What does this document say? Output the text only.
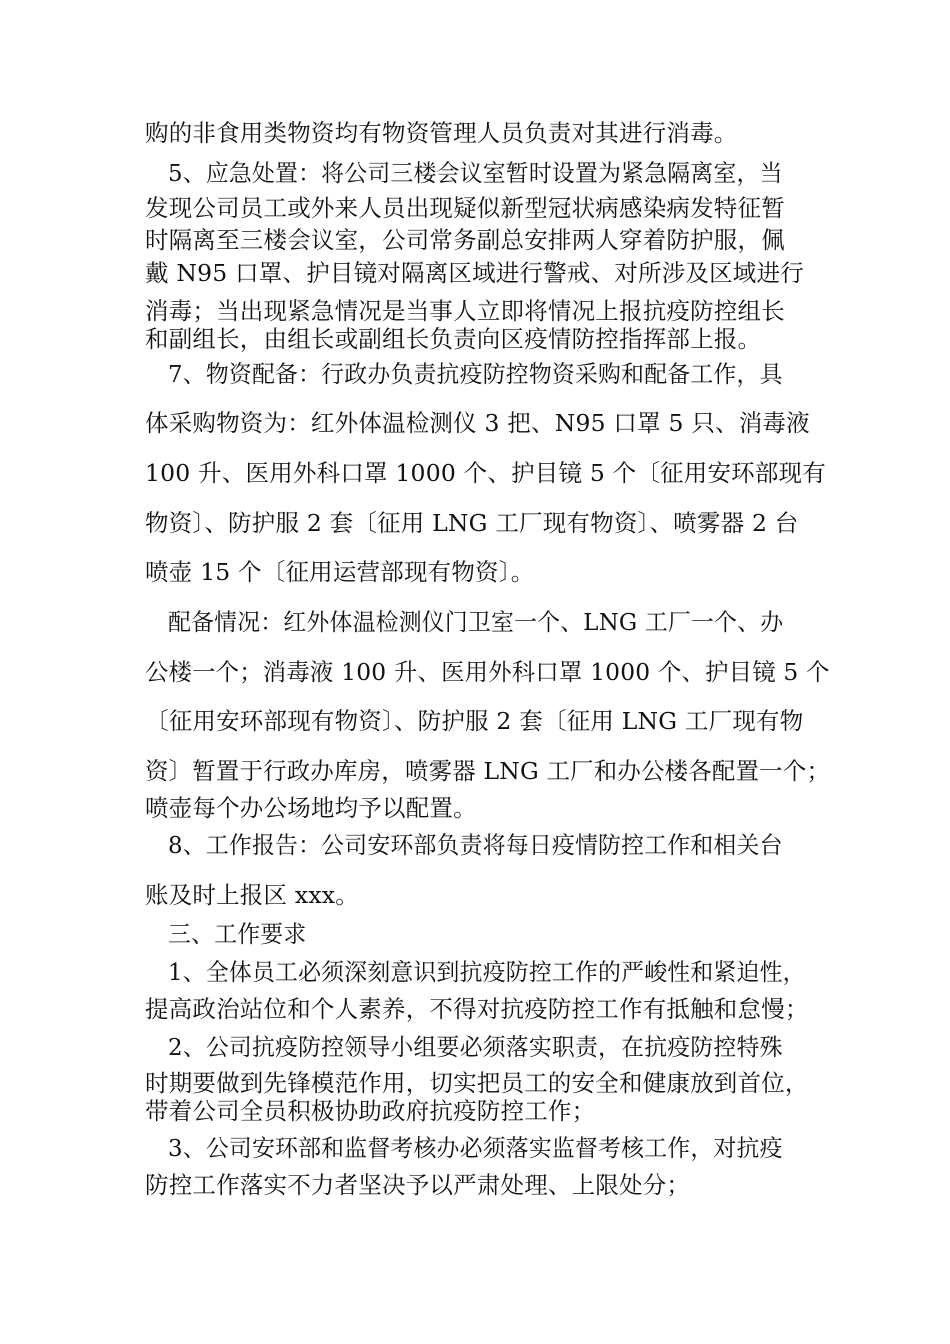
购的非食用类物资均有物资管理人员负责对其进行消毒。
5、应急处置：将公司三楼会议室暂时设置为紧急隔离室，当
发现公司员工或外来人员出现疑似新型冠状病感染病发特征暂
时隔离至三楼会议室，公司常务副总安排两人穿着防护服，佩
戴 N95 口罩、护目镜对隔离区域进行警戒、对所涉及区域进行
消毒；当出现紧急情况是当事人立即将情况上报抗疫防控组长
和副组长，由组长或副组长负责向区疫情防控指挥部上报。
7、物资配备：行政办负责抗疫防控物资采购和配备工作，具
体采购物资为：红外体温检测仪 3 把、N95 口罩 5 只、消毒液
100 升、医用外科口罩 1000 个、护目镜 5 个〔征用安环部现有
物资〕、防护服 2 套〔征用 LNG 工厂现有物资〕、喷雾器 2 台
喷壶 15 个〔征用运营部现有物资〕。
配备情况：红外体温检测仪门卫室一个、LNG 工厂一个、办
公楼一个；消毒液 100 升、医用外科口罩 1000 个、护目镜 5 个
〔征用安环部现有物资〕、防护服 2 套〔征用 LNG 工厂现有物
资〕暂置于行政办库房，喷雾器 LNG 工厂和办公楼各配置一个；
喷壶每个办公场地均予以配置。
8、工作报告：公司安环部负责将每日疫情防控工作和相关台
账及时上报区 xxx。
三、工作要求
1、全体员工必须深刻意识到抗疫防控工作的严峻性和紧迫性，
提高政治站位和个人素养，不得对抗疫防控工作有抵触和怠慢；
2、公司抗疫防控领导小组要必须落实职责，在抗疫防控特殊
时期要做到先锋模范作用，切实把员工的安全和健康放到首位，
带着公司全员积极协助政府抗疫防控工作；
3、公司安环部和监督考核办必须落实监督考核工作，对抗疫
防控工作落实不力者坚决予以严肃处理、上限处分；
